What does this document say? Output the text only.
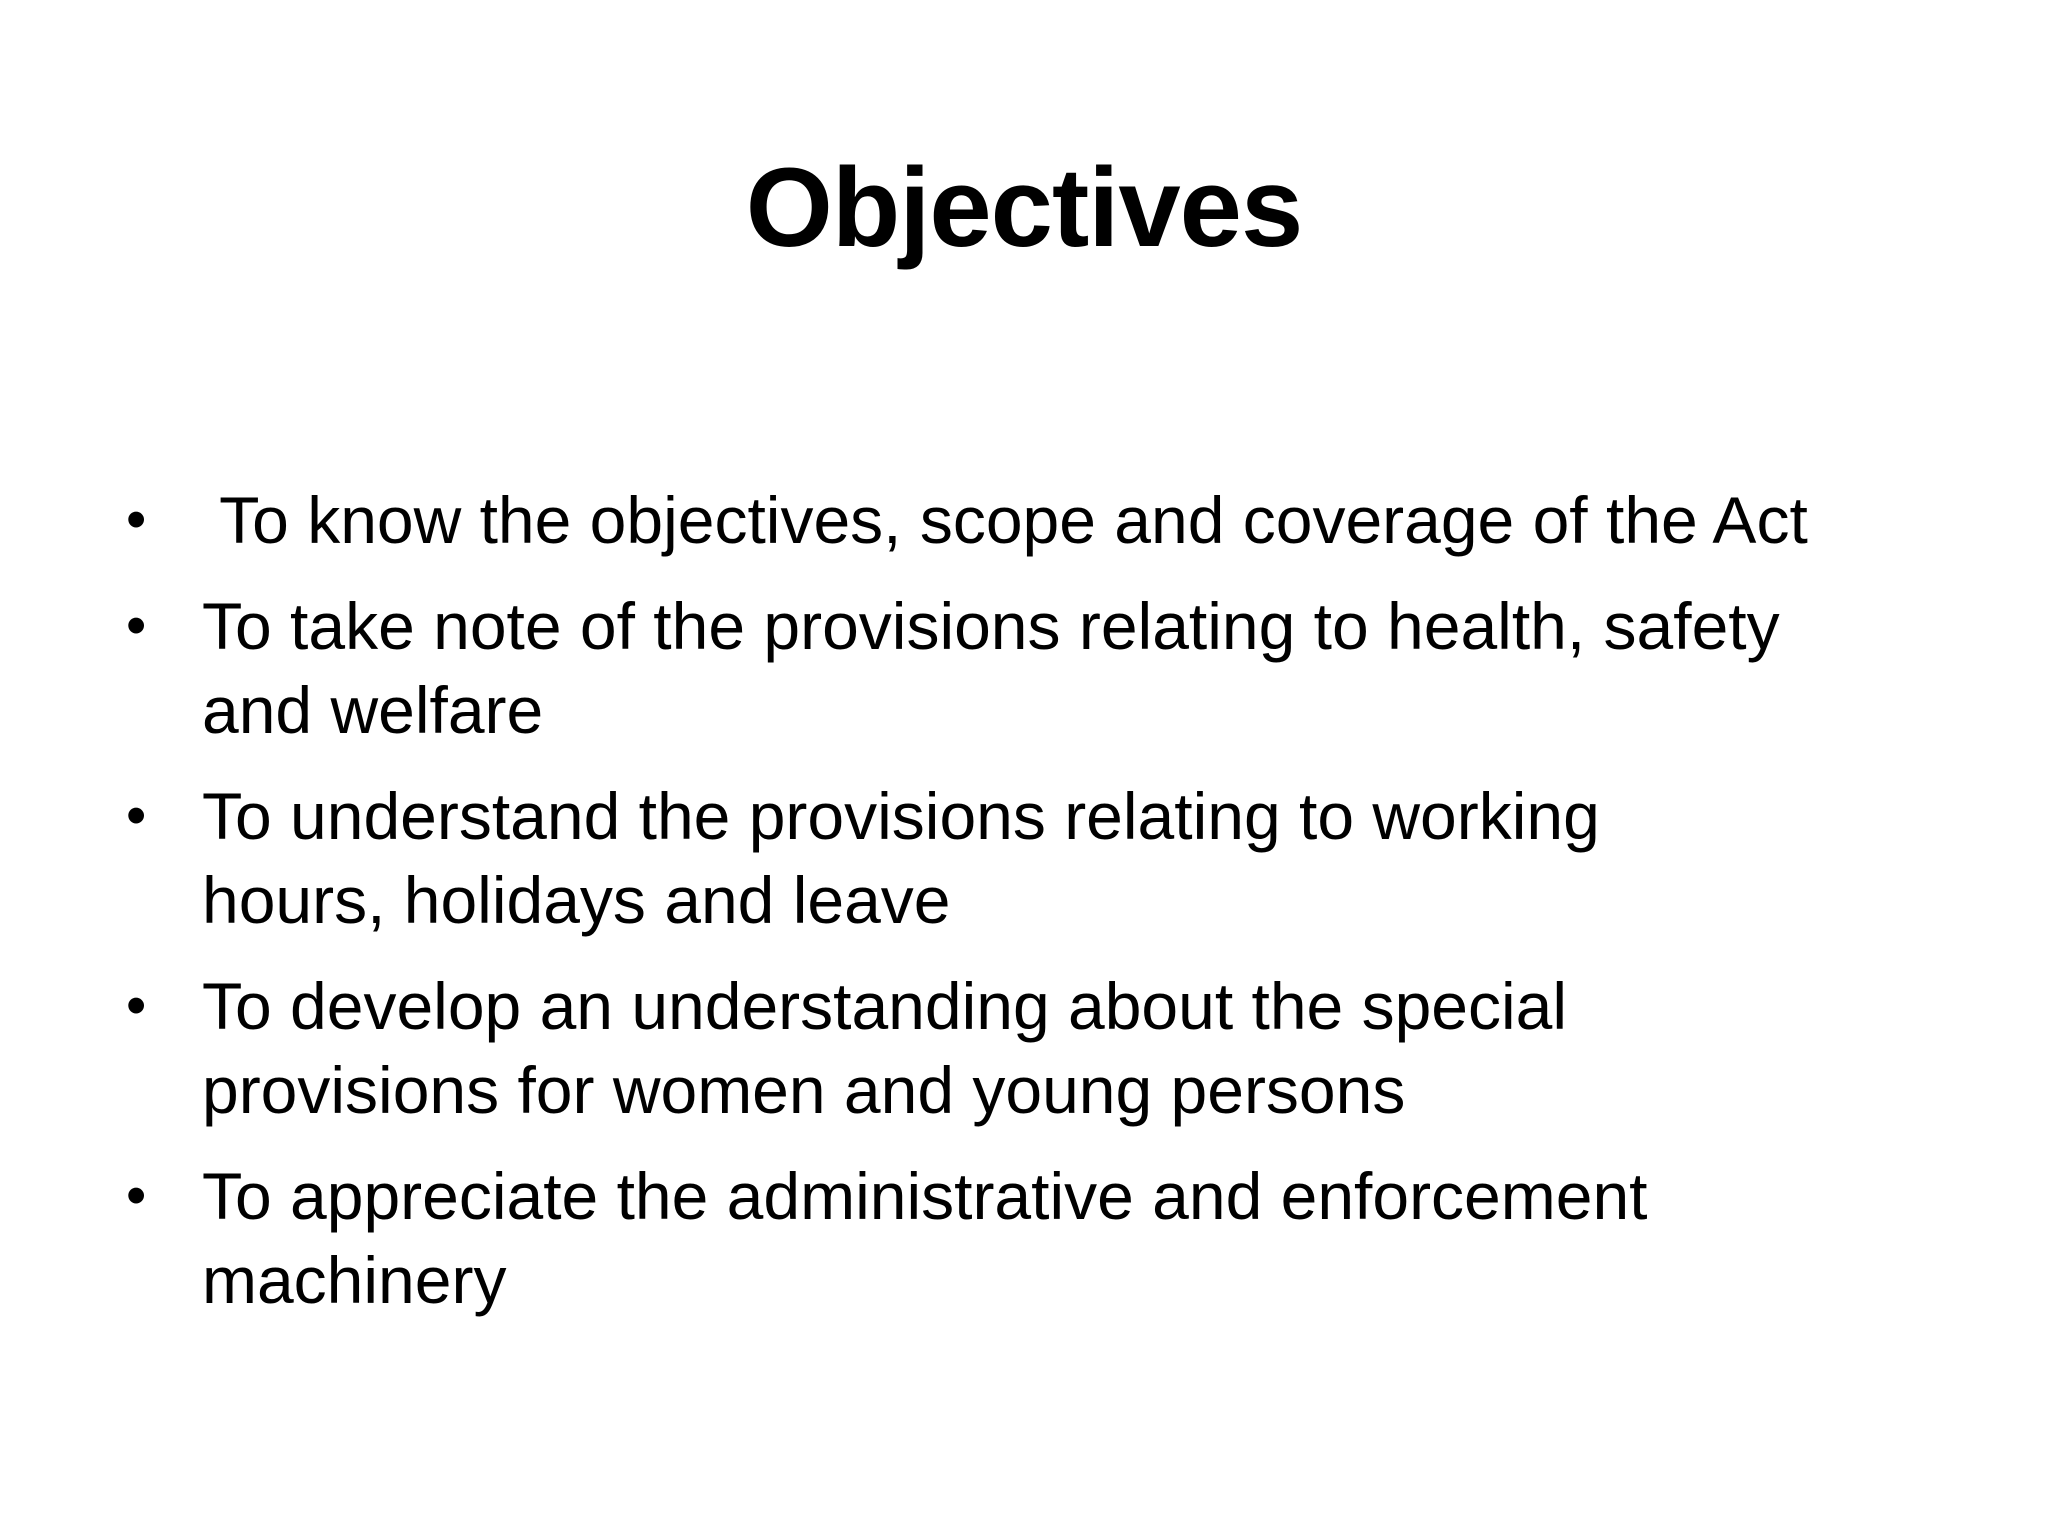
Objectives
• To know the objectives, scope and coverage of the Act
• To take note of the provisions relating to health, safety
and welfare
• To understand the provisions relating to working
hours, holidays and leave
• To develop an understanding about the special
provisions for women and young persons
• To appreciate the administrative and enforcement
machinery
